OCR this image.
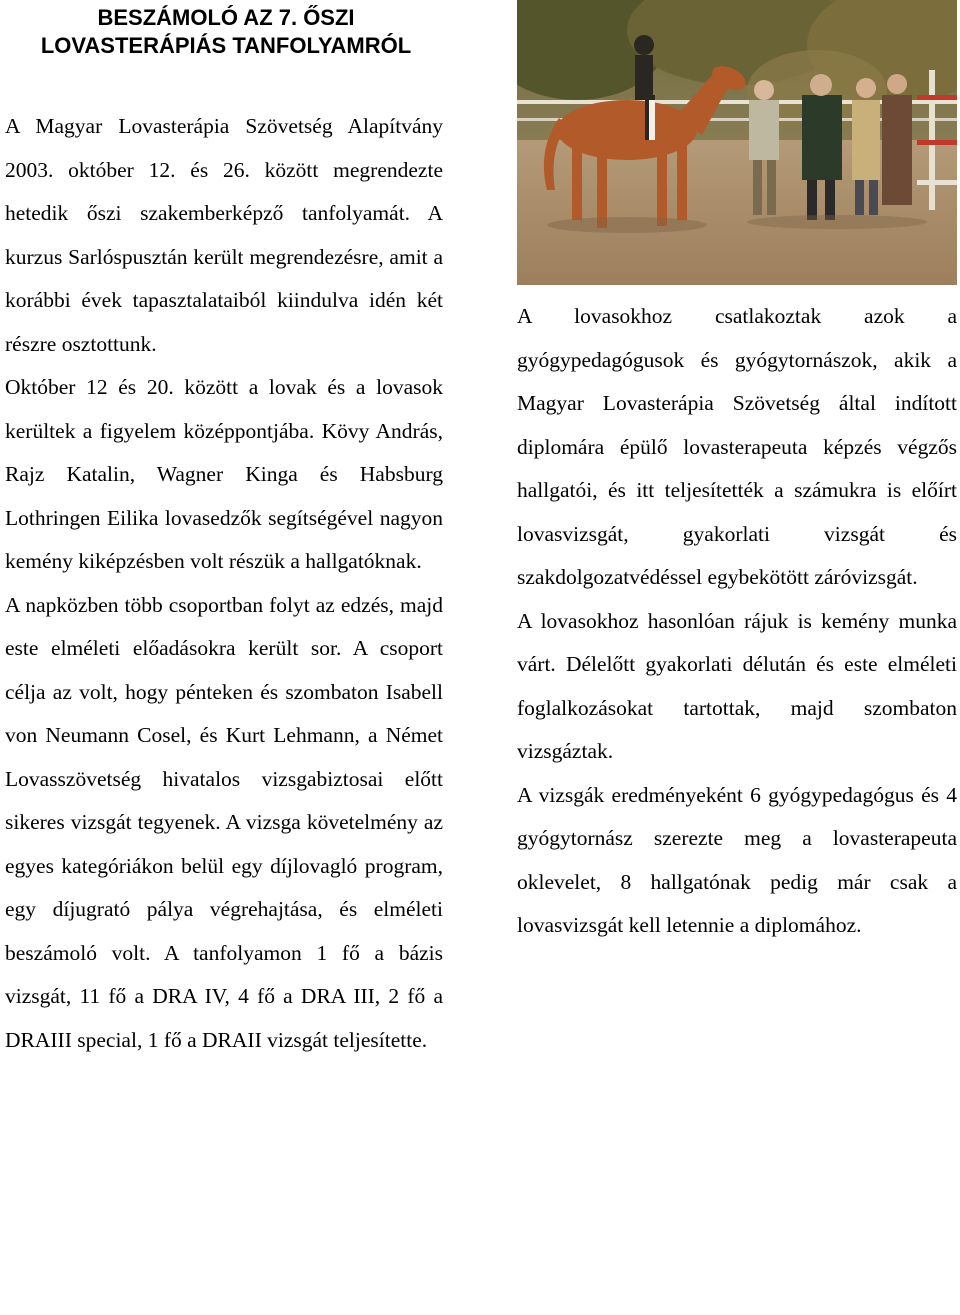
BESZÁMOLÓ AZ 7. ŐSZI
LOVASTERÁPIÁS TANFOLYAMRÓL

A Magyar Lovasterápia Szövetség Alapítvány 2003. október 12. és 26. között megrendezte hetedik őszi szakemberképző tanfolyamát. A kurzus Sarlóspusztán került megrendezésre, amit a korábbi évek tapasztalataiból kiindulva idén két részre osztottunk.

Október 12 és 20. között a lovak és a lovasok kerültek a figyelem középpontjába. Kövy András, Rajz Katalin, Wagner Kinga és Habsburg Lothringen Eilika lovasedzők segítségével nagyon kemény kiképzésben volt részük a hallgatóknak.

A napközben több csoportban folyt az edzés, majd este elméleti előadásokra került sor. A csoport célja az volt, hogy pénteken és szombaton Isabell von Neumann Cosel, és Kurt Lehmann, a Német Lovasszövetség hivatalos vizsgabiztosai előtt sikeres vizsgát tegyenek. A vizsga követelmény az egyes kategóriákon belül egy díjlovagló program, egy díjugrató pálya végrehajtása, és elméleti beszámoló volt. A tanfolyamon 1 fő a bázis vizsgát, 11 fő a DRA IV, 4 fő a DRA III, 2 fő a DRAIII special, 1 fő a DRAII vizsgát teljesítette.

A lovasokhoz csatlakoztak azok a gyógypedagógusok és gyógytornászok, akik a Magyar Lovasterápia Szövetség által indított diplomára épülő lovasterapeuta képzés végzős hallgatói, és itt teljesítették a számukra is előírt lovasvizsgát, gyakorlati vizsgát és szakdolgozatvédéssel egybekötött záróvizsgát.

A lovasokhoz hasonlóan rájuk is kemény munka várt. Délelőtt gyakorlati délután és este elméleti foglalkozásokat tartottak, majd szombaton vizsgáztak.

A vizsgák eredményeként 6 gyógypedagógus és 4 gyógytornász szerezte meg a lovasterapeuta oklevelet, 8 hallgatónak pedig már csak a lovasvizsgát kell letennie a diplomához.
